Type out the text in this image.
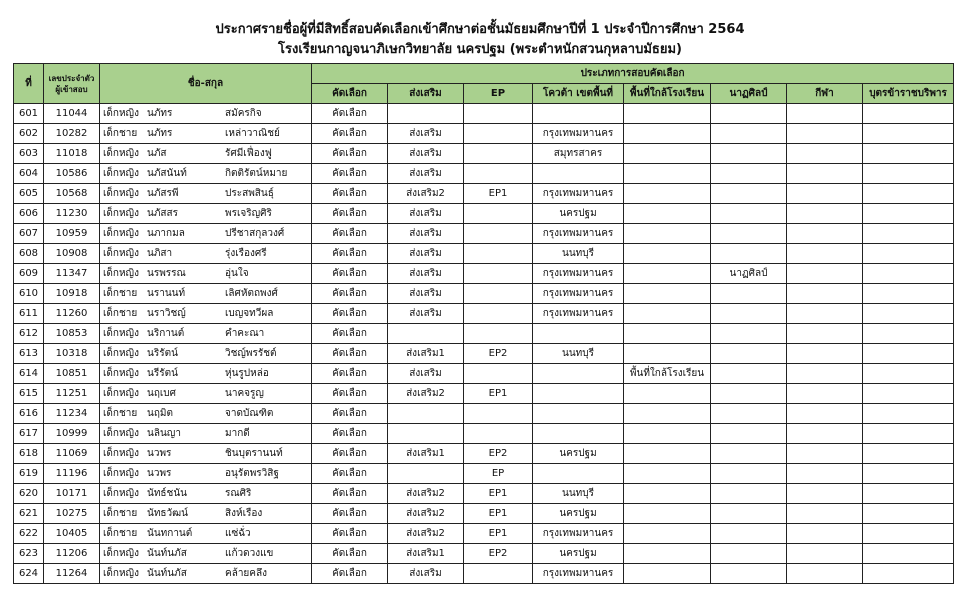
ประกาศรายชื่อผู้ที่มีสิทธิ์สอบคัดเลือกเข้าศึกษาต่อชั้นมัธยมศึกษาปีที่ 1 ประจำปีการศึกษา 2564
โรงเรียนกาญจนาภิเษกวิทยาลัย นครปฐม (พระตำหนักสวนกุหลาบมัธยม)
ที่	เลขประจำตัว
ผู้เข้าสอบ	ชื่อ-สกุล	ประเภทการสอบคัดเลือก							
			คัดเลือก	ส่งเสริม	EP	โควต้า เขตพื้นที่	พื้นที่ใกล้โรงเรียน	นาฏศิลป์	กีฬา	บุตรข้าราชบริพาร
601	11044	เด็กหญิง นภัทร สมัครกิจ	คัดเลือก							
602	10282	เด็กชาย นภัทร เหล่าวาณิชย์	คัดเลือก	ส่งเสริม		กรุงเทพมหานคร				
603	11018	เด็กหญิง นภัส รัศมีเฟื่องฟู	คัดเลือก	ส่งเสริม		สมุทรสาคร				
604	10586	เด็กหญิง นภัสนันท์ กิตติรัตน์หมาย	คัดเลือก	ส่งเสริม						
605	10568	เด็กหญิง นภัสรพี ประสพสินธุ์	คัดเลือก	ส่งเสริม2	EP1	กรุงเทพมหานคร				
606	11230	เด็กหญิง นภัสสร พรเจริญศิริ	คัดเลือก	ส่งเสริม		นครปฐม				
607	10959	เด็กหญิง นภากมล ปรีชาสกุลวงศ์	คัดเลือก	ส่งเสริม		กรุงเทพมหานคร				
608	10908	เด็กหญิง นภิสา รุ่งเรืองศรี	คัดเลือก	ส่งเสริม		นนทบุรี				
609	11347	เด็กหญิง นรพรรณ อุ่นใจ	คัดเลือก	ส่งเสริม		กรุงเทพมหานคร		นาฏศิลป์		
610	10918	เด็กชาย นรานนท์ เลิศหัตถพงศ์	คัดเลือก	ส่งเสริม		กรุงเทพมหานคร				
611	11260	เด็กชาย นราวิชญ์ เบญจทวีผล	คัดเลือก	ส่งเสริม		กรุงเทพมหานคร				
612	10853	เด็กหญิง นริกานต์ คำคะณา	คัดเลือก							
613	10318	เด็กหญิง นริรัตน์ วิชญ์พรรัชต์	คัดเลือก	ส่งเสริม1	EP2	นนทบุรี				
614	10851	เด็กหญิง นรีรัตน์ หุ่นรูปหล่อ	คัดเลือก	ส่งเสริม			พื้นที่ใกล้โรงเรียน			
615	11251	เด็กหญิง นฤเบศ นาคจรูญ	คัดเลือก	ส่งเสริม2	EP1					
616	11234	เด็กชาย นฤมิต จาดบัณฑิต	คัดเลือก							
617	10999	เด็กหญิง นลินญา มากดี	คัดเลือก							
618	11069	เด็กหญิง นวพร ชินบุตรานนท์	คัดเลือก	ส่งเสริม1	EP2	นครปฐม				
619	11196	เด็กหญิง นวพร อนุรัตพรวิสิฐ	คัดเลือก		EP					
620	10171	เด็กหญิง นัทธ์ชนัน รณศิริ	คัดเลือก	ส่งเสริม2	EP1	นนทบุรี				
621	10275	เด็กชาย นัทธวัฒน์ สิงห์เรือง	คัดเลือก	ส่งเสริม2	EP1	นครปฐม				
622	10405	เด็กชาย นันทกานต์ แซ่ฉั่ว	คัดเลือก	ส่งเสริม2	EP1	กรุงเทพมหานคร				
623	11206	เด็กหญิง นันท์นภัส แก้วดวงแข	คัดเลือก	ส่งเสริม1	EP2	นครปฐม				
624	11264	เด็กหญิง นันท์นภัส คล้ายคลึง	คัดเลือก	ส่งเสริม		กรุงเทพมหานคร				
